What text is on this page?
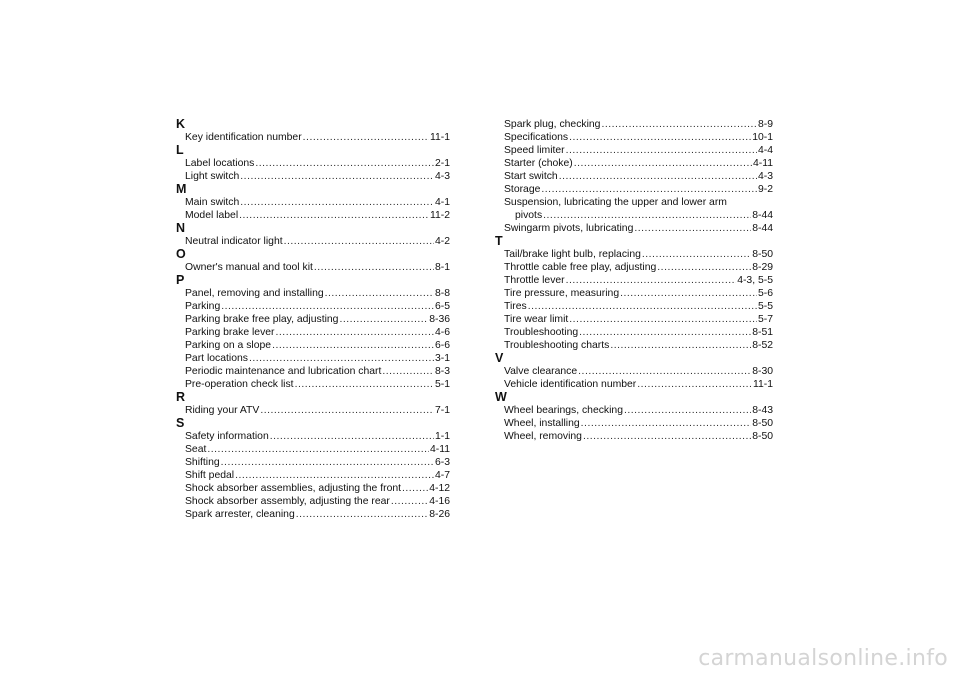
K
Key identification number .....	11-1
L
Label locations .....	2-1
Light switch .....	4-3
M
Main switch .....	4-1
Model label .....	11-2
N
Neutral indicator light .....	4-2
O
Owner's manual and tool kit .....	8-1
P
Panel, removing and installing .....	8-8
Parking .....	6-5
Parking brake free play, adjusting .....	8-36
Parking brake lever .....	4-6
Parking on a slope .....	6-6
Part locations .....	3-1
Periodic maintenance and lubrication chart .....	8-3
Pre-operation check list .....	5-1
R
Riding your ATV .....	7-1
S
Safety information .....	1-1
Seat .....	4-11
Shifting .....	6-3
Shift pedal .....	4-7
Shock absorber assemblies, adjusting the front .....	4-12
Shock absorber assembly, adjusting the rear .....	4-16
Spark arrester, cleaning .....	8-26
Spark plug, checking .....	8-9
Specifications .....	10-1
Speed limiter .....	4-4
Starter (choke) .....	4-11
Start switch .....	4-3
Storage .....	9-2
Suspension, lubricating the upper and lower arm
pivots .....	8-44
Swingarm pivots, lubricating .....	8-44
T
Tail/brake light bulb, replacing .....	8-50
Throttle cable free play, adjusting .....	8-29
Throttle lever .....	4-3, 5-5
Tire pressure, measuring .....	5-6
Tires .....	5-5
Tire wear limit .....	5-7
Troubleshooting .....	8-51
Troubleshooting charts .....	8-52
V
Valve clearance .....	8-30
Vehicle identification number .....	11-1
W
Wheel bearings, checking .....	8-43
Wheel, installing .....	8-50
Wheel, removing .....	8-50
carmanualsonline.info
